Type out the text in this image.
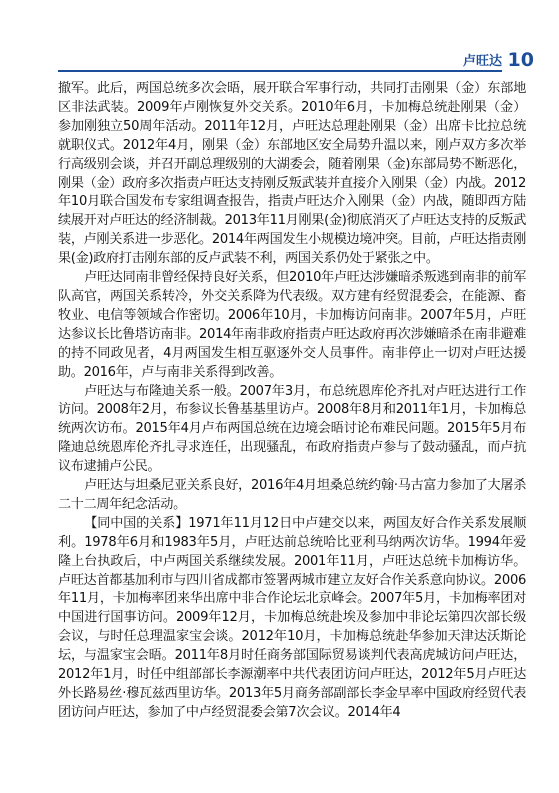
卢旺达 10

撤军。此后，两国总统多次会晤，展开联合军事行动，共同打击刚果（金）东部地区非法武装。2009年卢刚恢复外交关系。2010年6月，卡加梅总统赴刚果（金）参加刚独立50周年活动。2011年12月，卢旺达总理赴刚果（金）出席卡比拉总统就职仪式。2012年4月，刚果（金）东部地区安全局势升温以来，刚卢双方多次举行高级别会谈，并召开副总理级别的大湖委会，随着刚果（金)东部局势不断恶化，刚果（金）政府多次指责卢旺达支持刚反叛武装并直接介入刚果（金）内战。2012年10月联合国发布专家组调查报告，指责卢旺达介入刚果（金）内战，随即西方陆续展开对卢旺达的经济制裁。2013年11月刚果(金)彻底消灭了卢旺达支持的反叛武装，卢刚关系进一步恶化。2014年两国发生小规模边境冲突。目前，卢旺达指责刚果(金)政府打击刚东部的反卢武装不利，两国关系仍处于紧张之中。

卢旺达同南非曾经保持良好关系，但2010年卢旺达涉嫌暗杀叛逃到南非的前军队高官，两国关系转冷，外交关系降为代表级。双方建有经贸混委会，在能源、畜牧业、电信等领域合作密切。2006年10月，卡加梅访问南非。2007年5月，卢旺达参议长比鲁塔访南非。2014年南非政府指责卢旺达政府再次涉嫌暗杀在南非避难的持不同政见者，4月两国发生相互驱逐外交人员事件。南非停止一切对卢旺达援助。2016年，卢与南非关系得到改善。

卢旺达与布隆迪关系一般。2007年3月，布总统恩库伦齐扎对卢旺达进行工作访问。2008年2月，布参议长鲁基基里访卢。2008年8月和2011年1月，卡加梅总统两次访布。2015年4月卢布两国总统在边境会晤讨论布难民问题。2015年5月布隆迪总统恩库伦齐扎寻求连任，出现骚乱，布政府指责卢参与了鼓动骚乱，而卢抗议布逮捕卢公民。

卢旺达与坦桑尼亚关系良好，2016年4月坦桑总统约翰·马古富力参加了大屠杀二十二周年纪念活动。

【同中国的关系】1971年11月12日中卢建交以来，两国友好合作关系发展顺利。1978年6月和1983年5月，卢旺达前总统哈比亚利马纳两次访华。1994年爱隆上台执政后，中卢两国关系继续发展。2001年11月，卢旺达总统卡加梅访华。卢旺达首都基加利市与四川省成都市签署两城市建立友好合作关系意向协议。2006年11月，卡加梅率团来华出席中非合作论坛北京峰会。2007年5月，卡加梅率团对中国进行国事访问。2009年12月，卡加梅总统赴埃及参加中非论坛第四次部长级会议，与时任总理温家宝会谈。2012年10月，卡加梅总统赴华参加天津达沃斯论坛，与温家宝会晤。2011年8月时任商务部国际贸易谈判代表高虎城访问卢旺达，2012年1月，时任中组部部长李源潮率中共代表团访问卢旺达，2012年5月卢旺达外长路易丝·穆瓦兹西里访华。2013年5月商务部副部长李金早率中国政府经贸代表团访问卢旺达，参加了中卢经贸混委会第7次会议。2014年4
